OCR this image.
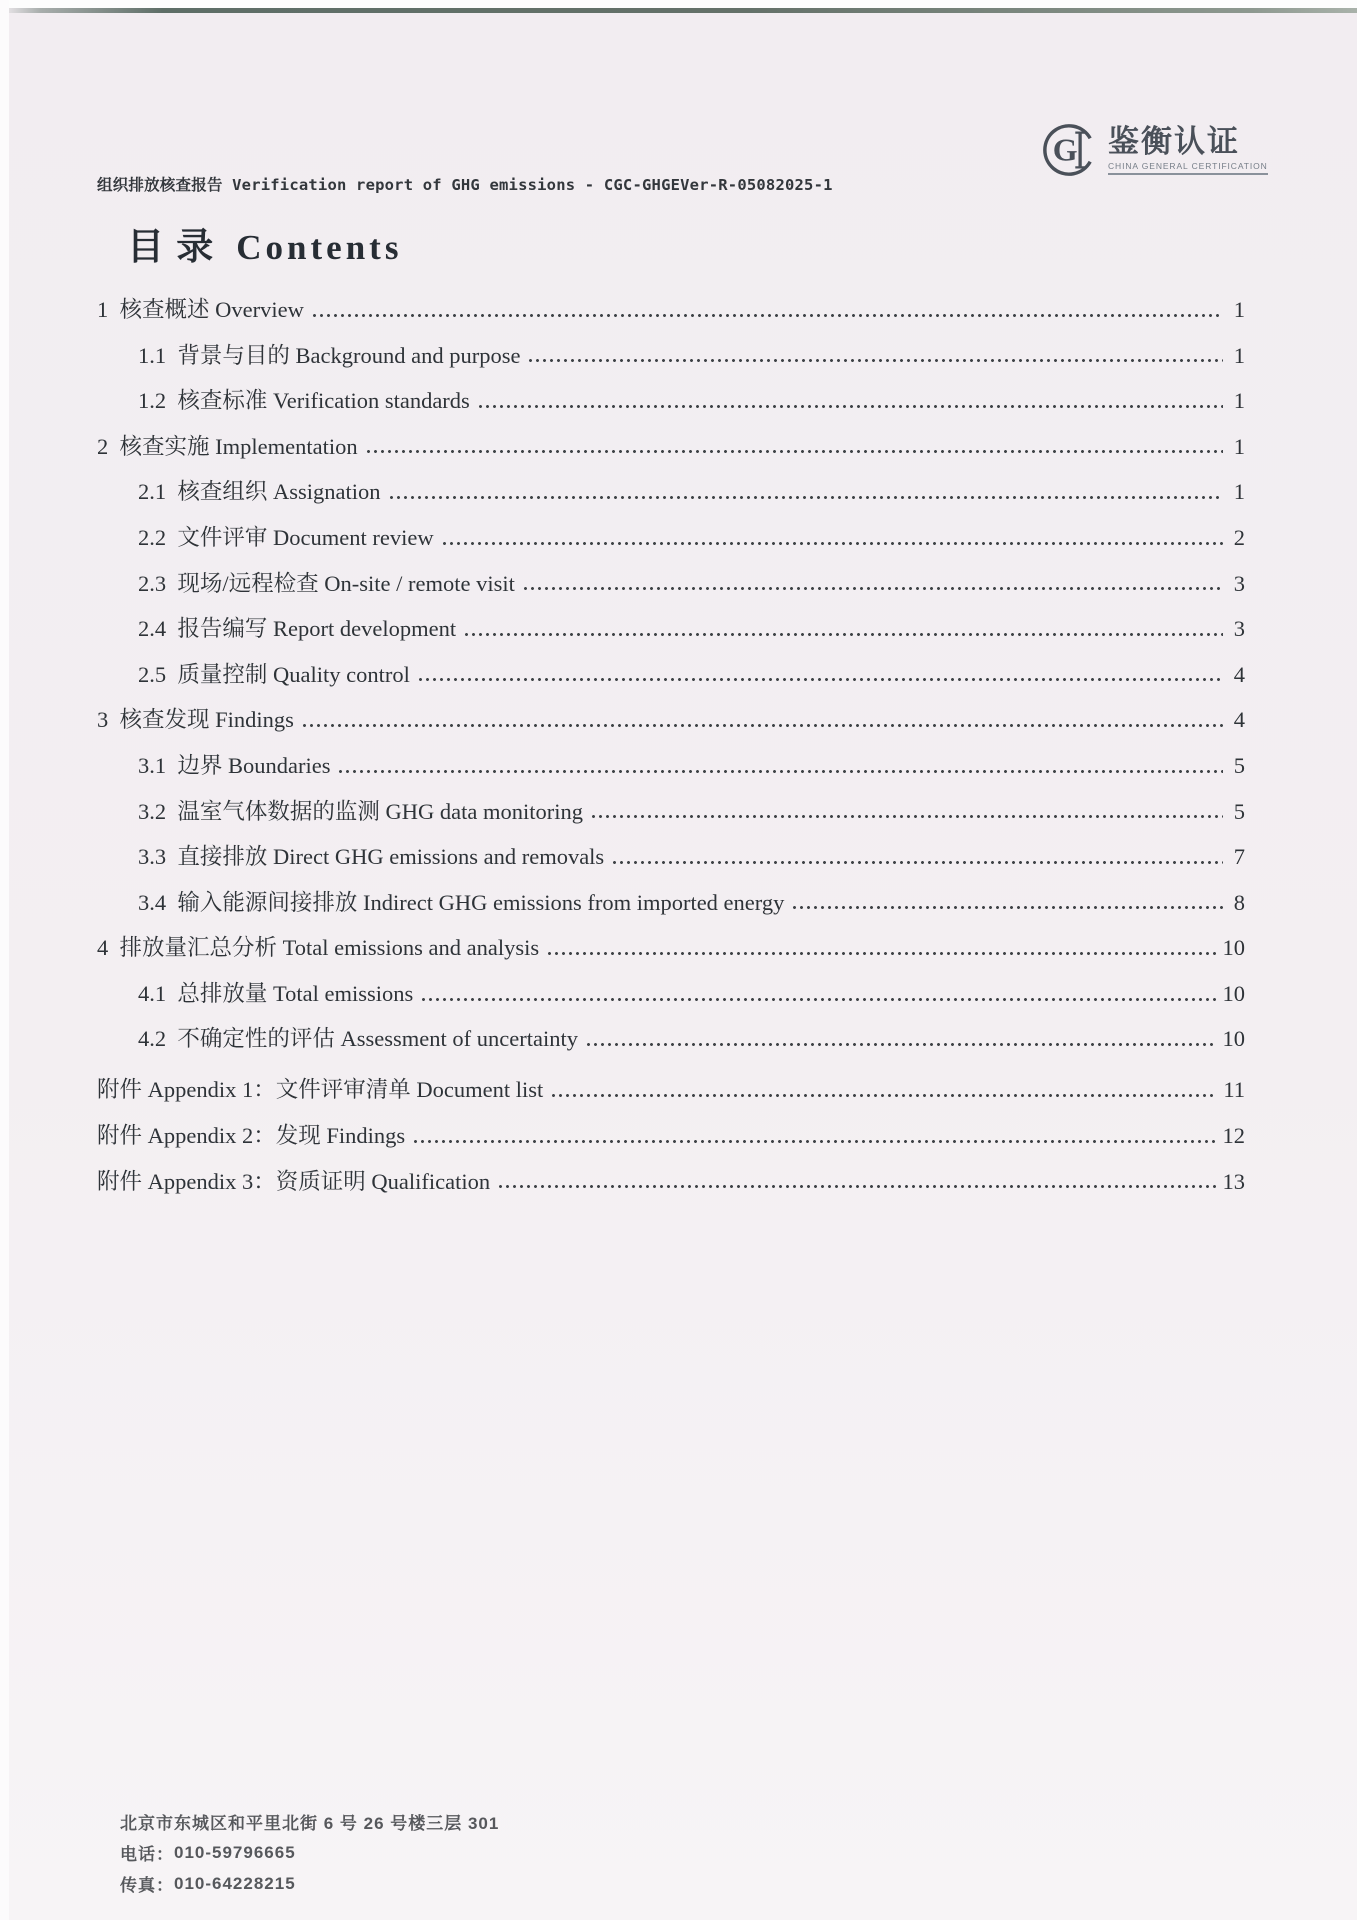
组织排放核查报告 Verification report of GHG emissions - CGC-GHGEVer-R-05082025-1
G 鉴衡认证
CHINA GENERAL CERTIFICATION
目 录 Contents
1  核查概述 Overview	1
1.1  背景与目的 Background and purpose	1
1.2  核查标准 Verification standards	1
2  核查实施 Implementation	1
2.1  核查组织 Assignation	1
2.2  文件评审 Document review	2
2.3  现场/远程检查 On-site / remote visit	3
2.4  报告编写 Report development	3
2.5  质量控制 Quality control	4
3  核查发现 Findings	4
3.1  边界 Boundaries	5
3.2  温室气体数据的监测 GHG data monitoring	5
3.3  直接排放 Direct GHG emissions and removals	7
3.4  输入能源间接排放 Indirect GHG emissions from imported energy	8
4  排放量汇总分析 Total emissions and analysis	10
4.1  总排放量 Total emissions	10
4.2  不确定性的评估 Assessment of uncertainty	10
附件 Appendix 1：文件评审清单 Document list	11
附件 Appendix 2：发现 Findings	12
附件 Appendix 3：资质证明 Qualification	13
北京市东城区和平里北街 6 号 26 号楼三层 301
电话： 010-59796665
传真： 010-64228215
